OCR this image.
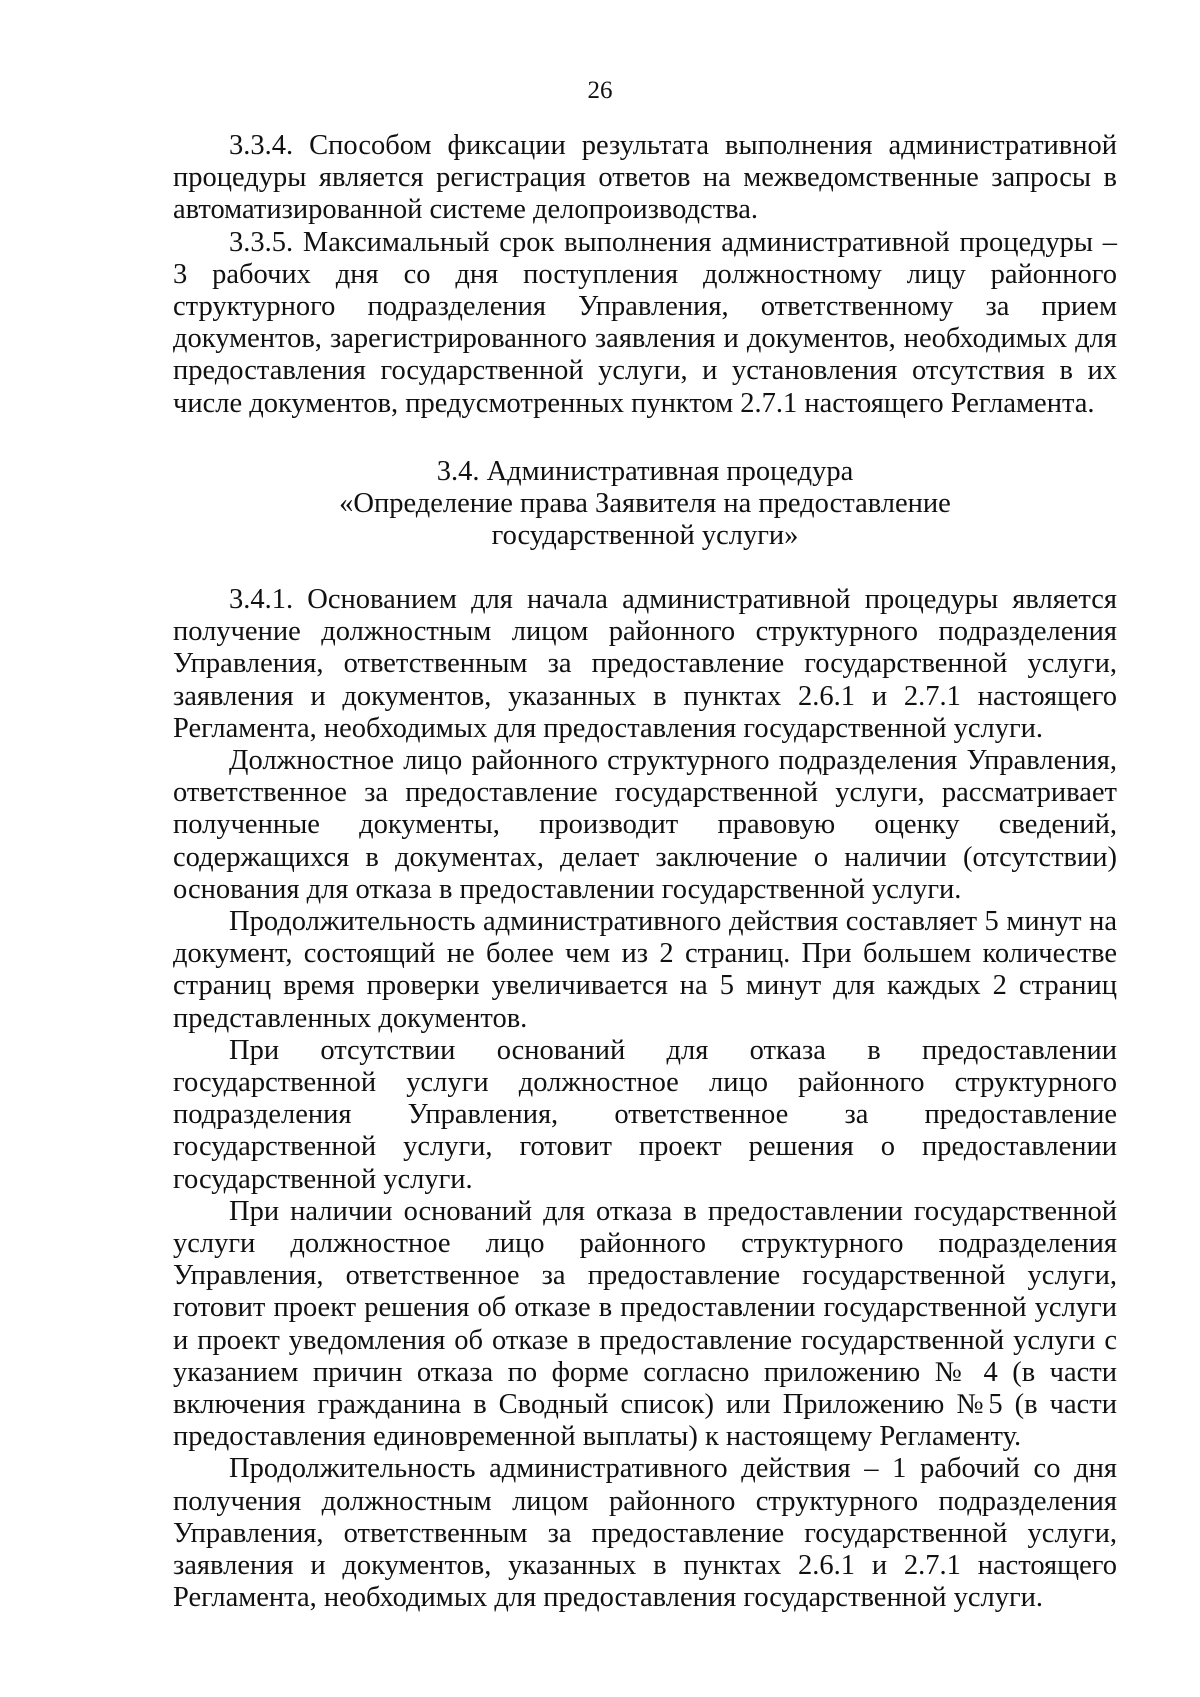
26

3.3.4. Способом фиксации результата выполнения административной процедуры является регистрация ответов на межведомственные запросы в автоматизированной системе делопроизводства.

3.3.5. Максимальный срок выполнения административной процедуры – 3 рабочих дня со дня поступления должностному лицу районного структурного подразделения Управления, ответственному за прием документов, зарегистрированного заявления и документов, необходимых для предоставления государственной услуги, и установления отсутствия в их числе документов, предусмотренных пунктом 2.7.1 настоящего Регламента.

3.4. Административная процедура
«Определение права Заявителя на предоставление
государственной услуги»

3.4.1. Основанием для начала административной процедуры является получение должностным лицом районного структурного подразделения Управления, ответственным за предоставление государственной услуги, заявления и документов, указанных в пунктах 2.6.1 и 2.7.1 настоящего Регламента, необходимых для предоставления государственной услуги.

Должностное лицо районного структурного подразделения Управления, ответственное за предоставление государственной услуги, рассматривает полученные документы, производит правовую оценку сведений, содержащихся в документах, делает заключение о наличии (отсутствии) основания для отказа в предоставлении государственной услуги.

Продолжительность административного действия составляет 5 минут на документ, состоящий не более чем из 2 страниц. При большем количестве страниц время проверки увеличивается на 5 минут для каждых 2 страниц представленных документов.

При отсутствии оснований для отказа в предоставлении государственной услуги должностное лицо районного структурного подразделения Управления, ответственное за предоставление государственной услуги, готовит проект решения о предоставлении государственной услуги.

При наличии оснований для отказа в предоставлении государственной услуги должностное лицо районного структурного подразделения Управления, ответственное за предоставление государственной услуги, готовит проект решения об отказе в предоставлении государственной услуги и проект уведомления об отказе в предоставление государственной услуги с указанием причин отказа по форме согласно приложению № 4 (в части включения гражданина в Сводный список) или Приложению №5 (в части предоставления единовременной выплаты) к настоящему Регламенту.

Продолжительность административного действия – 1 рабочий со дня получения должностным лицом районного структурного подразделения Управления, ответственным за предоставление государственной услуги, заявления и документов, указанных в пунктах 2.6.1 и 2.7.1 настоящего Регламента, необходимых для предоставления государственной услуги.
